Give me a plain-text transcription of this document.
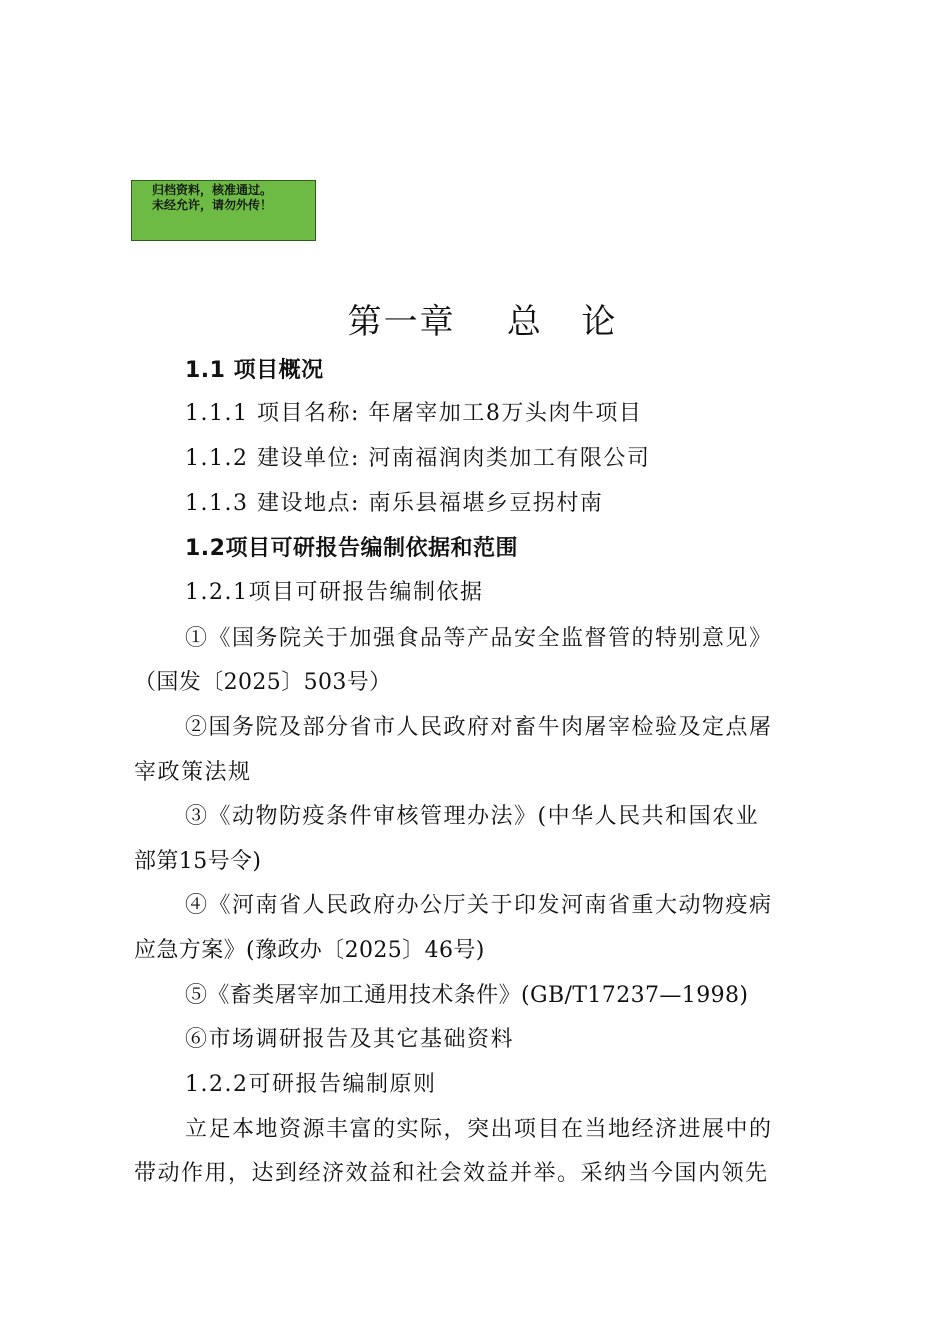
归档资料，核准通过。
未经允许，请勿外传！
第一章    总   论
1.1 项目概况
1.1.1 项目名称: 年屠宰加工8万头肉牛项目
1.1.2 建设单位: 河南福润肉类加工有限公司
1.1.3 建设地点: 南乐县福堪乡豆拐村南
1.2项目可研报告编制依据和范围
1.2.1项目可研报告编制依据
①《国务院关于加强食品等产品安全监督管的特别意见》
（国发〔2025〕503号）
②国务院及部分省市人民政府对畜牛肉屠宰检验及定点屠
宰政策法规
③《动物防疫条件审核管理办法》(中华人民共和国农业
部第15号令)
④《河南省人民政府办公厅关于印发河南省重大动物疫病
应急方案》(豫政办〔2025〕46号)
⑤《畜类屠宰加工通用技术条件》(GB/T17237—1998)
⑥市场调研报告及其它基础资料
1.2.2可研报告编制原则
立足本地资源丰富的实际，突出项目在当地经济进展中的
带动作用，达到经济效益和社会效益并举。采纳当今国内领先
